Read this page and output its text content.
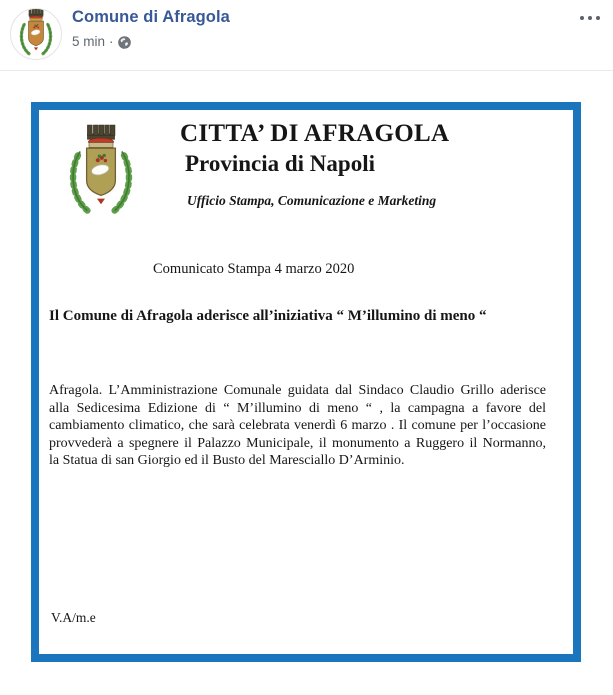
Comune di Afragola
5 min ·
CITTA’ DI AFRAGOLA
Provincia di Napoli
Ufficio Stampa, Comunicazione e Marketing
Comunicato Stampa 4 marzo 2020
Il Comune di Afragola aderisce all’iniziativa “ M’illumino di meno “
Afragola. L’Amministrazione Comunale guidata dal Sindaco Claudio Grillo aderisce
alla Sedicesima Edizione di “ M’illumino di meno “ , la campagna a favore del
cambiamento climatico, che sarà celebrata venerdì 6 marzo . Il comune per l’occasione
provvederà a spegnere il Palazzo Municipale, il monumento a Ruggero il Normanno,
la Statua di san Giorgio ed il Busto del Maresciallo D’Arminio.
V.A/m.e
